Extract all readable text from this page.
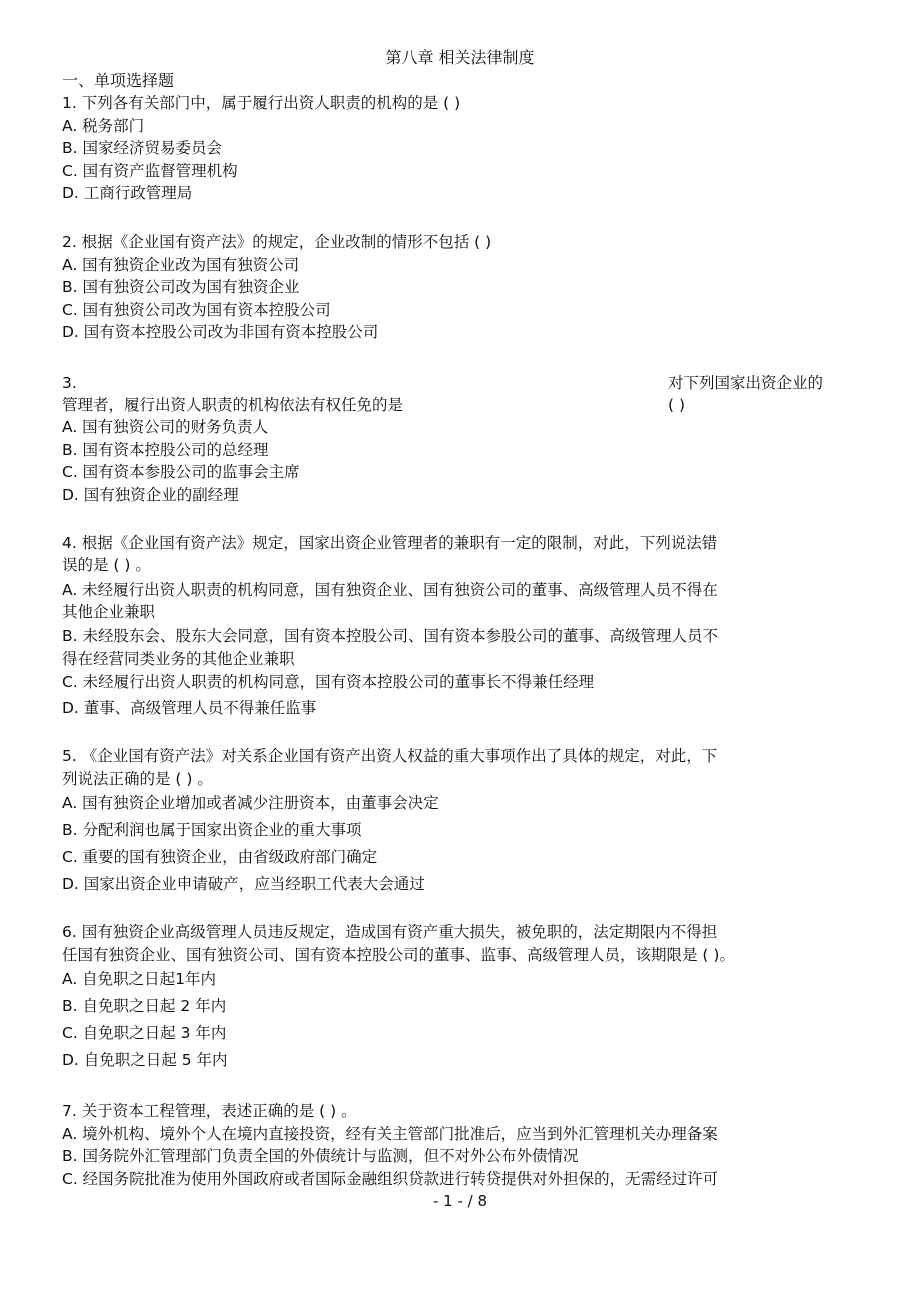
第八章 相关法律制度
一、单项选择题
1. 下列各有关部门中，属于履行出资人职责的机构的是 ( )
A. 税务部门
B. 国家经济贸易委员会
C. 国有资产监督管理机构
D. 工商行政管理局
2. 根据《企业国有资产法》的规定，企业改制的情形不包括 ( )
A. 国有独资企业改为国有独资公司
B. 国有独资公司改为国有独资企业
C. 国有独资公司改为国有资本控股公司
D. 国有资本控股公司改为非国有资本控股公司
3.	对下列国家出资企业的
( )
管理者，履行出资人职责的机构依法有权任免的是
A. 国有独资公司的财务负责人
B. 国有资本控股公司的总经理
C. 国有资本参股公司的监事会主席
D. 国有独资企业的副经理
4. 根据《企业国有资产法》规定，国家出资企业管理者的兼职有一定的限制，对此，下列说法错
误的是 ( ) 。
A. 未经履行出资人职责的机构同意，国有独资企业、国有独资公司的董事、高级管理人员不得在
其他企业兼职
B. 未经股东会、股东大会同意，国有资本控股公司、国有资本参股公司的董事、高级管理人员不
得在经营同类业务的其他企业兼职
C. 未经履行出资人职责的机构同意，国有资本控股公司的董事长不得兼任经理
D. 董事、高级管理人员不得兼任监事
5. 《企业国有资产法》对关系企业国有资产出资人权益的重大事项作出了具体的规定，对此，下
列说法正确的是 ( ) 。
A. 国有独资企业增加或者减少注册资本，由董事会决定
B. 分配利润也属于国家出资企业的重大事项
C. 重要的国有独资企业，由省级政府部门确定
D. 国家出资企业申请破产，应当经职工代表大会通过
6. 国有独资企业高级管理人员违反规定，造成国有资产重大损失，被免职的，法定期限内不得担
任国有独资企业、国有独资公司、国有资本控股公司的董事、监事、高级管理人员，该期限是 ( )。
A. 自免职之日起1年内
B. 自免职之日起 2 年内
C. 自免职之日起 3 年内
D. 自免职之日起 5 年内
7. 关于资本工程管理，表述正确的是 ( ) 。
A. 境外机构、境外个人在境内直接投资，经有关主管部门批准后，应当到外汇管理机关办理备案
B. 国务院外汇管理部门负责全国的外债统计与监测，但不对外公布外债情况
C. 经国务院批准为使用外国政府或者国际金融组织贷款进行转贷提供对外担保的，无需经过许可
- 1 - / 8
